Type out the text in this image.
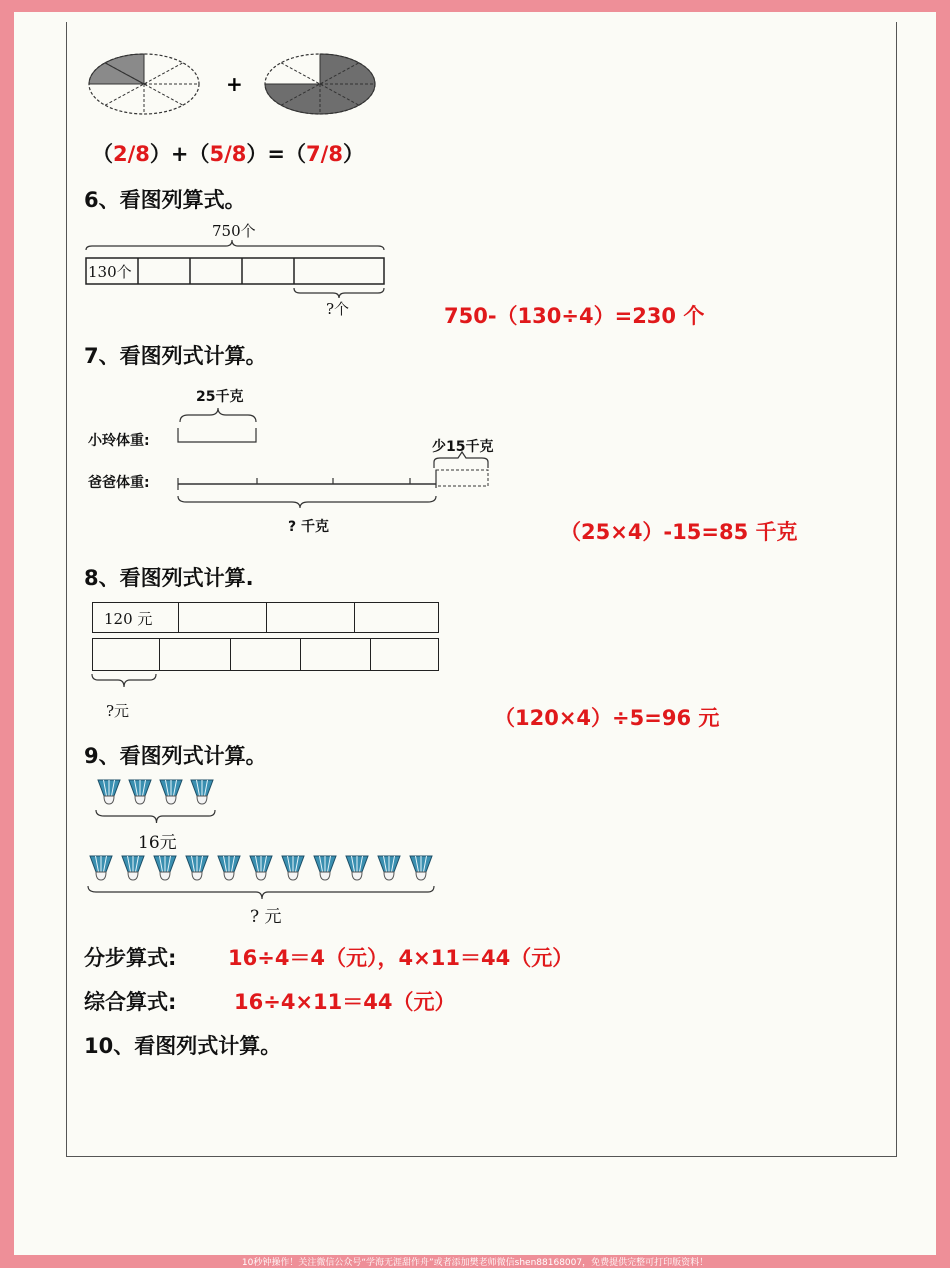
+
（2/8）+（5/8）=（7/8）
6、看图列算式。
750个
130个
?个	750-（130÷4）=230 个
7、看图列式计算。
25千克
小玲体重:
爸爸体重:
少15千克
? 千克	（25×4）-15=85 千克
8、看图列式计算.
120 元
?元	（120×4）÷5=96 元
9、看图列式计算。
16元
? 元
分步算式: 16÷4＝4（元），4×11＝44（元）
综合算式:	16÷4×11＝44（元）
10、看图列式计算。
10秒钟操作！关注微信公众号“学海无涯甜作舟”或者添加樊老师微信shen88168007，免费提供完整可打印版资料！
